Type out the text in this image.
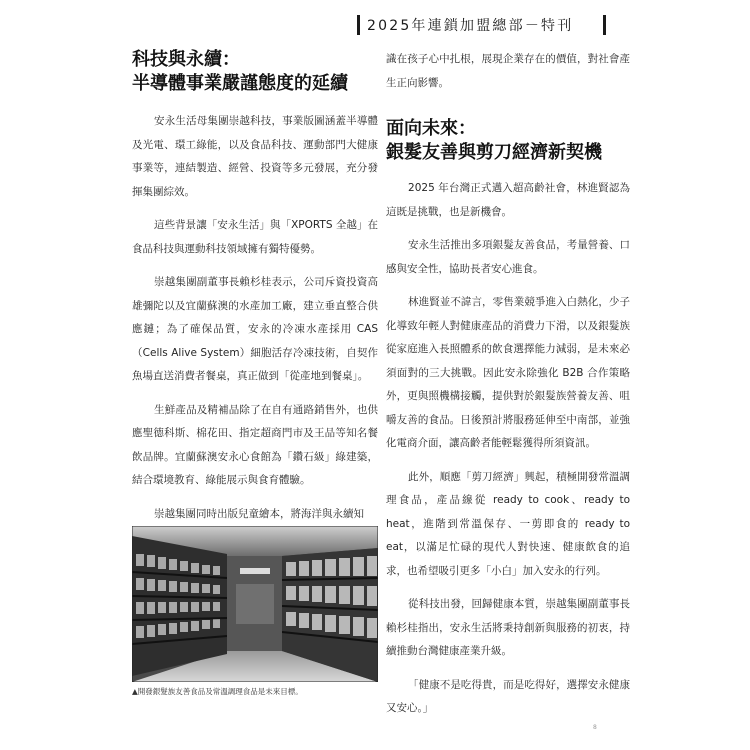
2025年連鎖加盟總部－特刊
科技與永續：
半導體事業嚴謹態度的延續

安永生活母集團崇越科技，事業版圖涵蓋半導體及光電、環工綠能，以及食品科技、運動部門大健康事業等，連結製造、經營、投資等多元發展，充分發揮集團綜效。

這些背景讓「安永生活」與「XPORTS 全越」在食品科技與運動科技領域擁有獨特優勢。

崇越集團副董事長賴杉桂表示，公司斥資投資高雄彌陀以及宜蘭蘇澳的水產加工廠，建立垂直整合供應鏈；為了確保品質，安永的冷凍水產採用 CAS（Cells Alive System）細胞活存冷凍技術，自契作魚場直送消費者餐桌，真正做到「從產地到餐桌」。

生鮮產品及精補品除了在自有通路銷售外，也供應聖德科斯、棉花田、指定超商門市及王品等知名餐飲品牌。宜蘭蘇澳安永心食館為「鑽石級」綠建築，結合環境教育、綠能展示與食育體驗。

崇越集團同時出版兒童繪本，將海洋與永續知

▲開發銀髮族友善食品及常溫調理食品是未來目標。

識在孩子心中扎根，展現企業存在的價值，對社會產生正向影響。

面向未來：
銀髮友善與剪刀經濟新契機

2025 年台灣正式邁入超高齡社會，林進賢認為這既是挑戰，也是新機會。

安永生活推出多項銀髮友善食品，考量營養、口感與安全性，協助長者安心進食。

林進賢並不諱言，零售業競爭進入白熱化，少子化導致年輕人對健康產品的消費力下滑，以及銀髮族從家庭進入長照體系的飲食選擇能力減弱，是未來必須面對的三大挑戰。因此安永除強化 B2B 合作策略外，更與照機構接觸，提供對於銀髮族營養友善、咀嚼友善的食品。日後預計將服務延伸至中南部，並強化電商介面，讓高齡者能輕鬆獲得所須資訊。

此外，順應「剪刀經濟」興起，積極開發常溫調理食品，產品線從 ready to cook、ready to heat，進階到常溫保存、一剪即食的 ready to eat，以滿足忙碌的現代人對快速、健康飲食的追求，也希望吸引更多「小白」加入安永的行列。

從科技出發，回歸健康本質，崇越集團副董事長賴杉桂指出，安永生活將秉持創新與服務的初衷，持續推動台灣健康產業升級。

「健康不是吃得貴，而是吃得好，選擇安永健康又安心。」

8
